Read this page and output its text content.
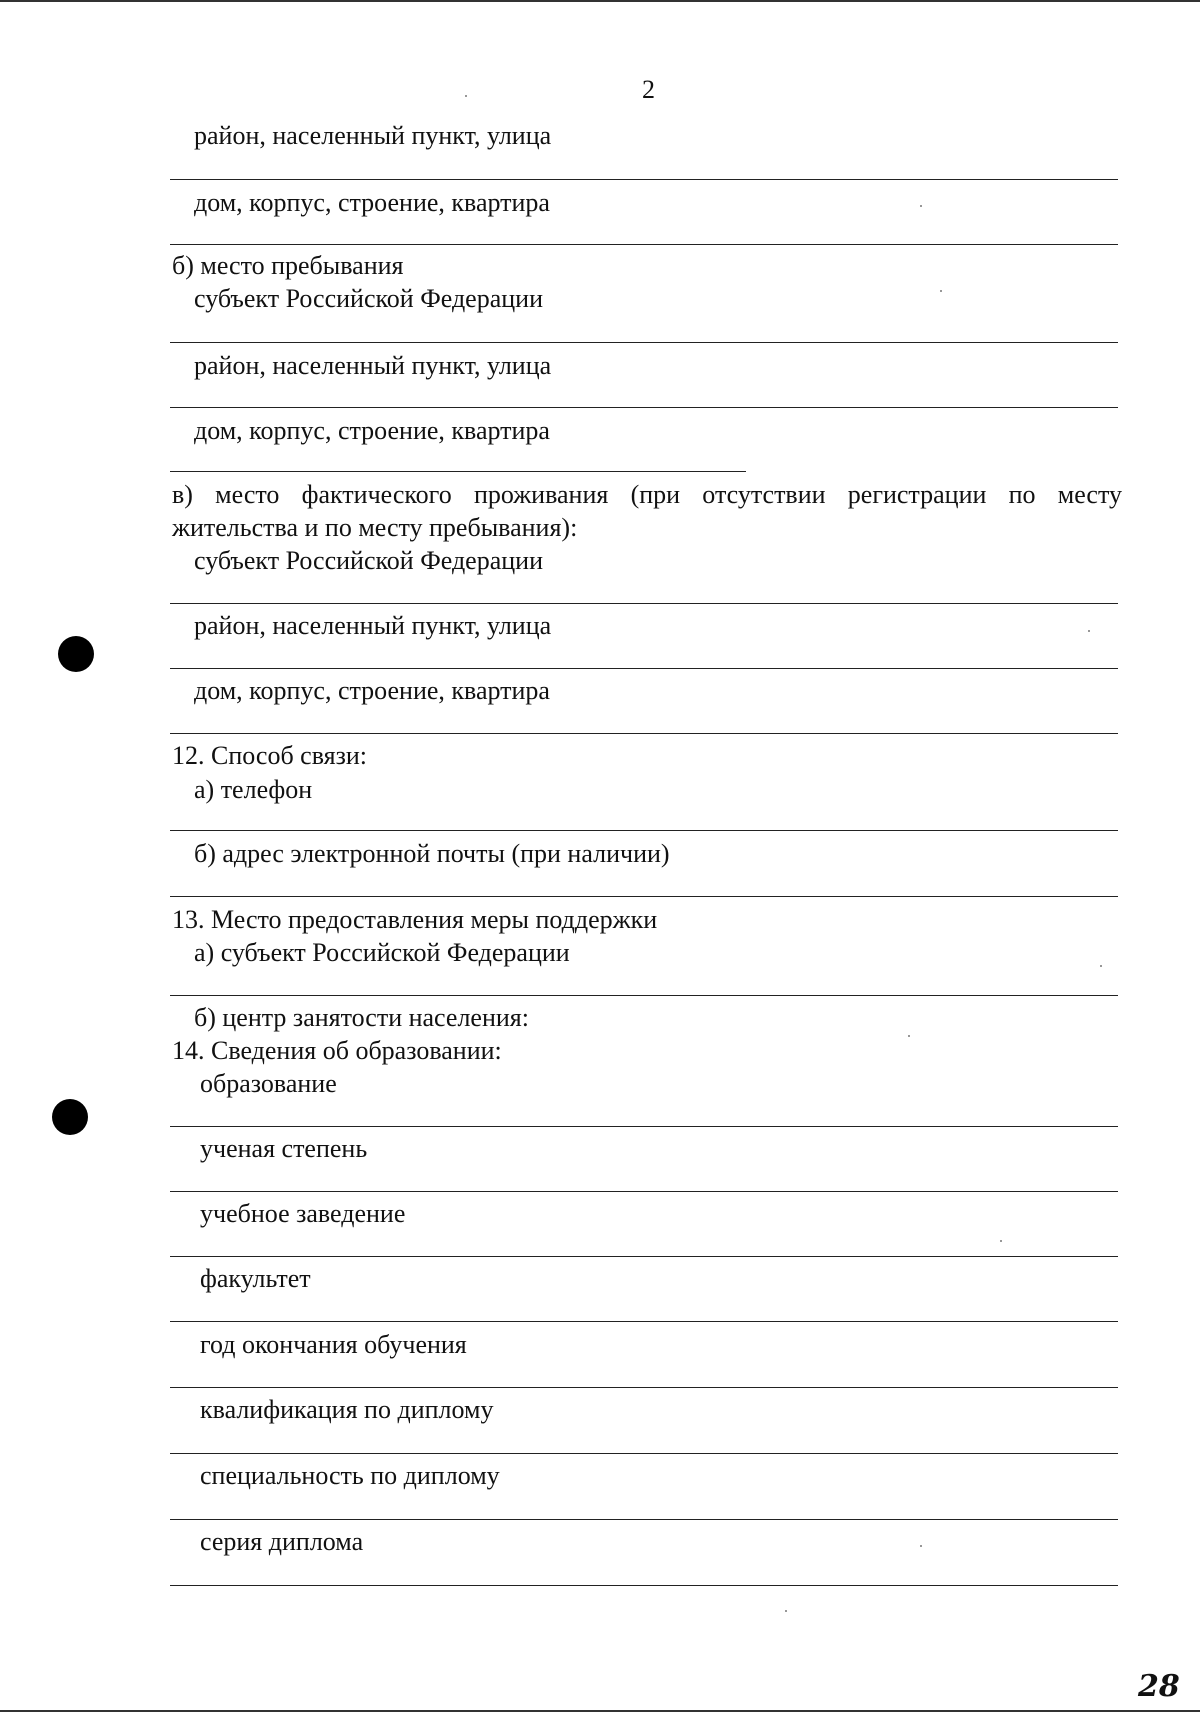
2
район, населенный пункт, улица
дом, корпус, строение, квартира
б) место пребывания
субъект Российской Федерации
район, населенный пункт, улица
дом, корпус, строение, квартира
в) место фактического проживания (при отсутствии регистрации по месту
жительства и по месту пребывания):
субъект Российской Федерации
район, населенный пункт, улица
дом, корпус, строение, квартира
12. Способ связи:
а) телефон
б) адрес электронной почты (при наличии)
13. Место предоставления меры поддержки
а) субъект Российской Федерации
б) центр занятости населения:
14. Сведения об образовании:
образование
ученая степень
учебное заведение
факультет
год окончания обучения
квалификация по диплому
специальность по диплому
серия диплома
28
